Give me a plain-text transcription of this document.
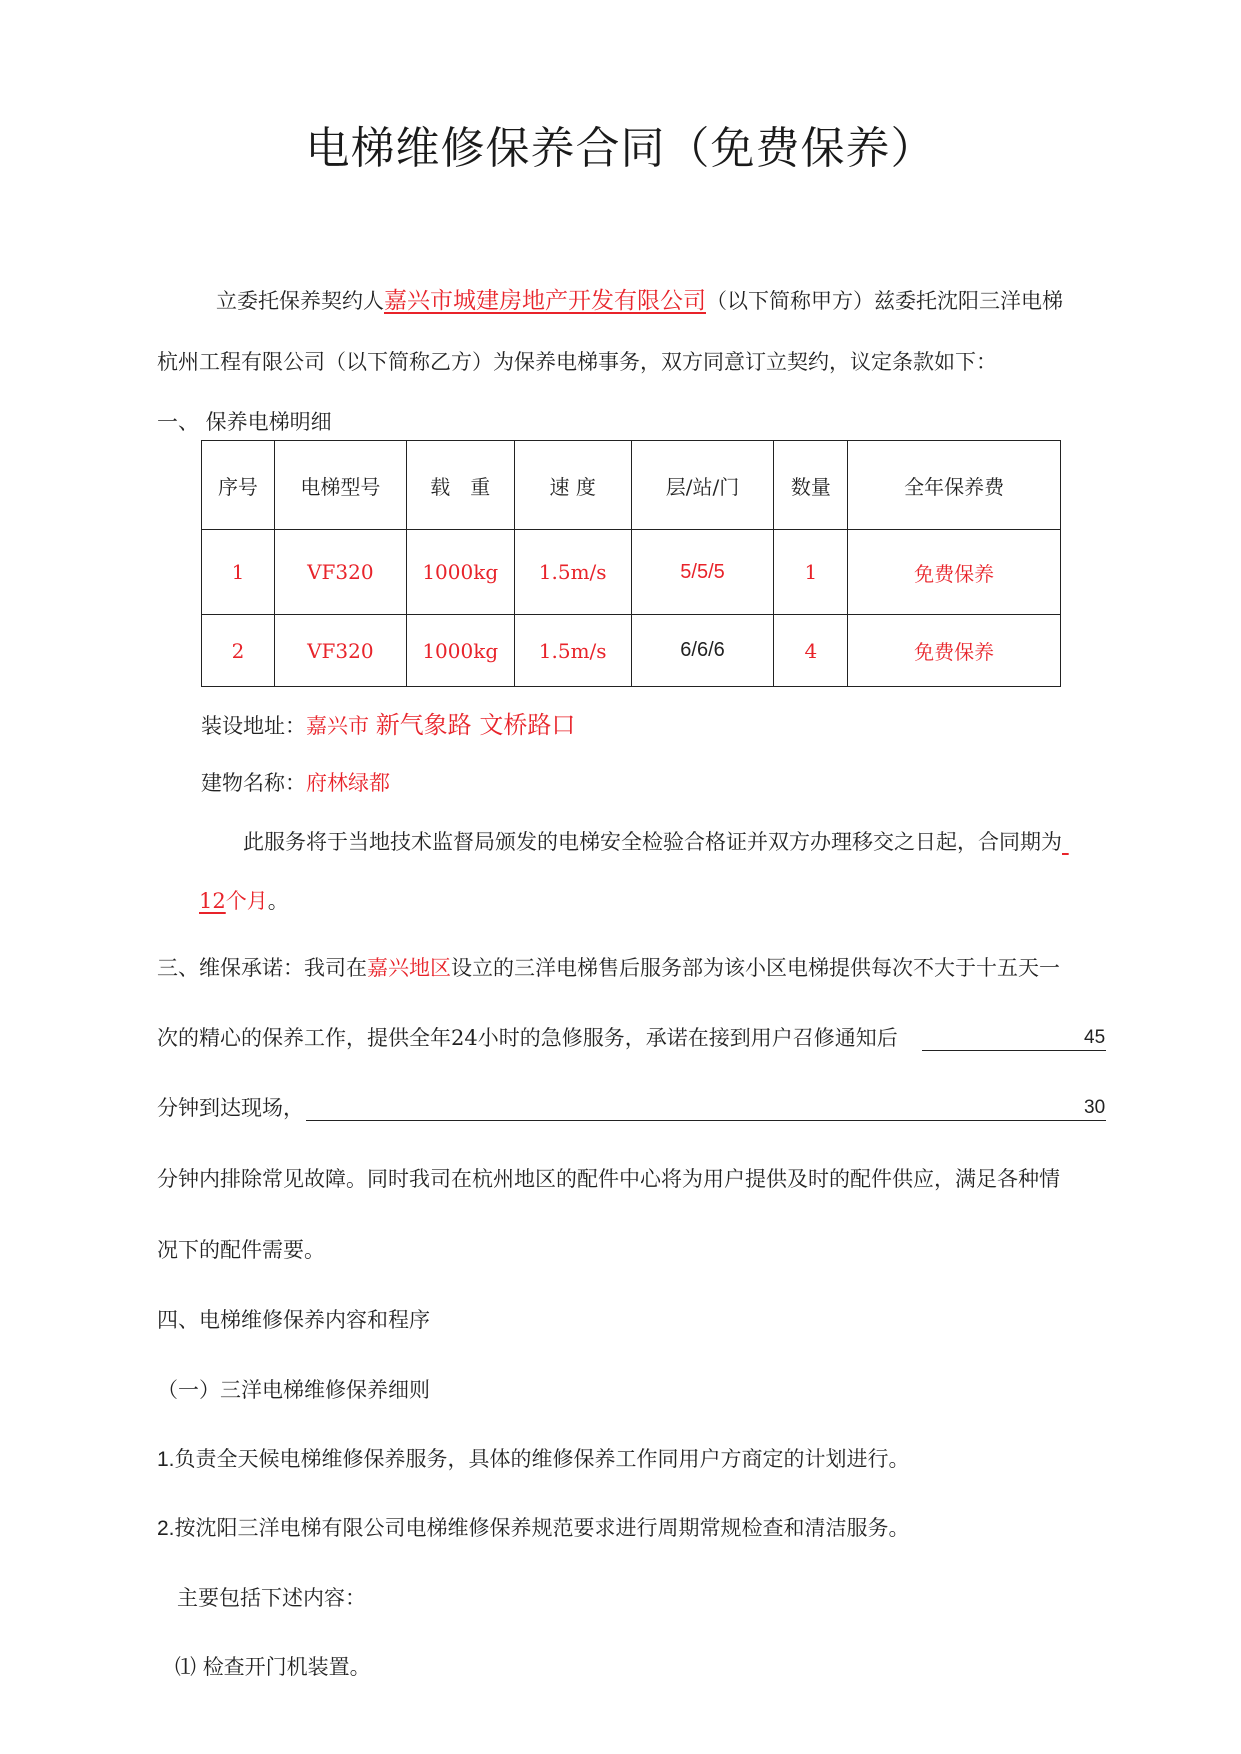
电梯维修保养合同（免费保养）
立委托保养契约人嘉兴市城建房地产开发有限公司（以下简称甲方）兹委托沈阳三洋电梯
杭州工程有限公司（以下简称乙方）为保养电梯事务，双方同意订立契约，议定条款如下：
一、 保养电梯明细
序号	电梯型号	载　重	速 度	层/站/门	数量	全年保养费
1	VF320	1000kg	1.5m/s	5/5/5	1	免费保养
2	VF320	1000kg	1.5m/s	6/6/6	4	免费保养
装设地址：嘉兴市 新气象路 文桥路口
建物名称：府林绿都
此服务将于当地技术监督局颁发的电梯安全检验合格证并双方办理移交之日起，合同期为
12个月。
三、维保承诺：我司在嘉兴地区设立的三洋电梯售后服务部为该小区电梯提供每次不大于十五天一
次的精心的保养工作，提供全年24小时的急修服务，承诺在接到用户召修通知后	45
分钟到达现场，	30
分钟内排除常见故障。同时我司在杭州地区的配件中心将为用户提供及时的配件供应，满足各种情
况下的配件需要。
四、电梯维修保养内容和程序
（一）三洋电梯维修保养细则
1.负责全天候电梯维修保养服务，具体的维修保养工作同用户方商定的计划进行。
2.按沈阳三洋电梯有限公司电梯维修保养规范要求进行周期常规检查和清洁服务。
主要包括下述内容：
⑴ 检查开门机装置。
